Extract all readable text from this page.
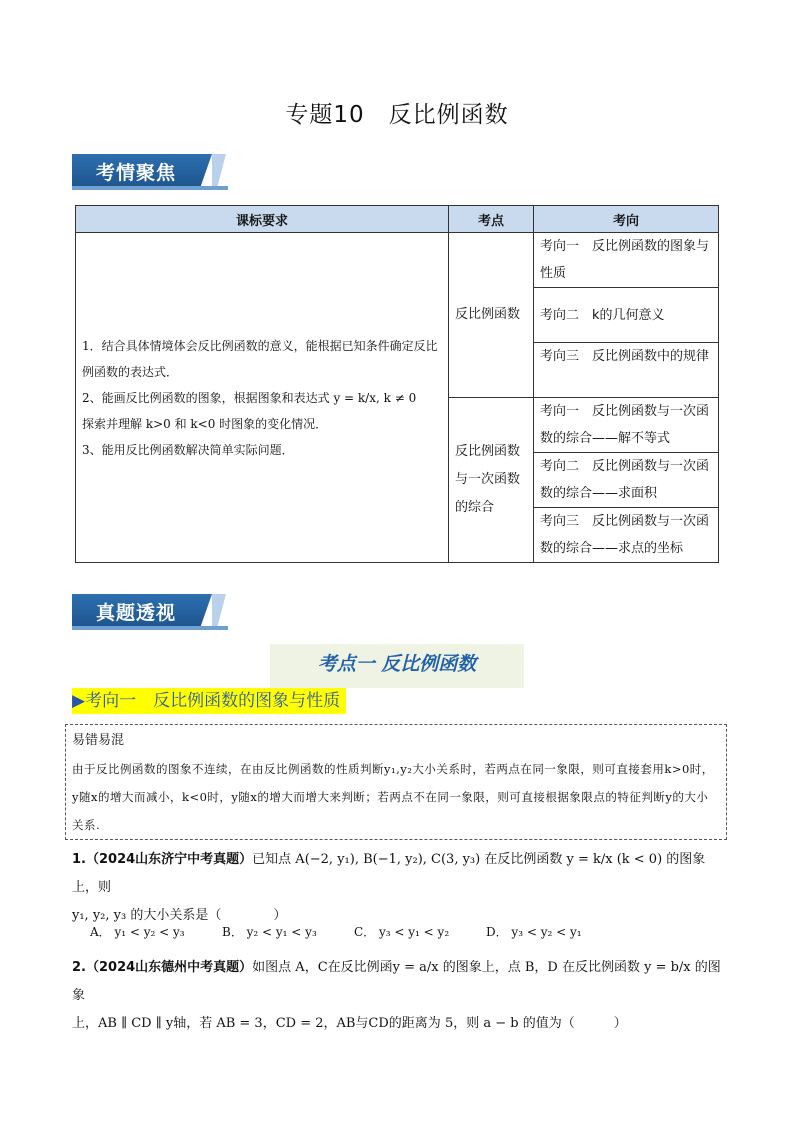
专题10　反比例函数
考情聚焦
课标要求	考点	考向

1．结合具体情境体会反比例函数的意义，能根据已知条件确定反比例函数的表达式．
2、能画反比例函数的图象，根据图象和表达式 y = k/x, k ≠ 0
探索并理解 k>0 和 k<0 时图象的变化情况．
3、能用反比例函数解决简单实际问题．	反比例函数	考向一　反比例函数的图象与性质
		考向二　k的几何意义
		考向三　反比例函数中的规律
	反比例函数与一次函数的综合	考向一　反比例函数与一次函数的综合——解不等式
		考向二　反比例函数与一次函数的综合——求面积
		考向三　反比例函数与一次函数的综合——求点的坐标
真题透视
考点一 反比例函数
▶考向一　反比例函数的图象与性质
易错易混
由于反比例函数的图象不连续，在由反比例函数的性质判断y₁,y₂大小关系时，若两点在同一象限，则可直接套用k>0时，y随x的增大而减小，k<0时，y随x的增大而增大来判断；若两点不在同一象限，则可直接根据象限点的特征判断y的大小关系.
1.（2024山东济宁中考真题）已知点 A(−2, y₁), B(−1, y₂), C(3, y₃) 在反比例函数 y = k/x (k < 0) 的图象上，则
y₁, y₂, y₃ 的大小关系是（　　　　）
A． y₁ < y₂ < y₃	B． y₂ < y₁ < y₃	C． y₃ < y₁ < y₂	D． y₃ < y₂ < y₁
2.（2024山东德州中考真题）如图点 A，C在反比例函y = a/x 的图象上，点 B，D 在反比例函数 y = b/x 的图象
上，AB ∥ CD ∥ y轴，若 AB = 3，CD = 2，AB与CD的距离为 5，则 a − b 的值为（　　　）
